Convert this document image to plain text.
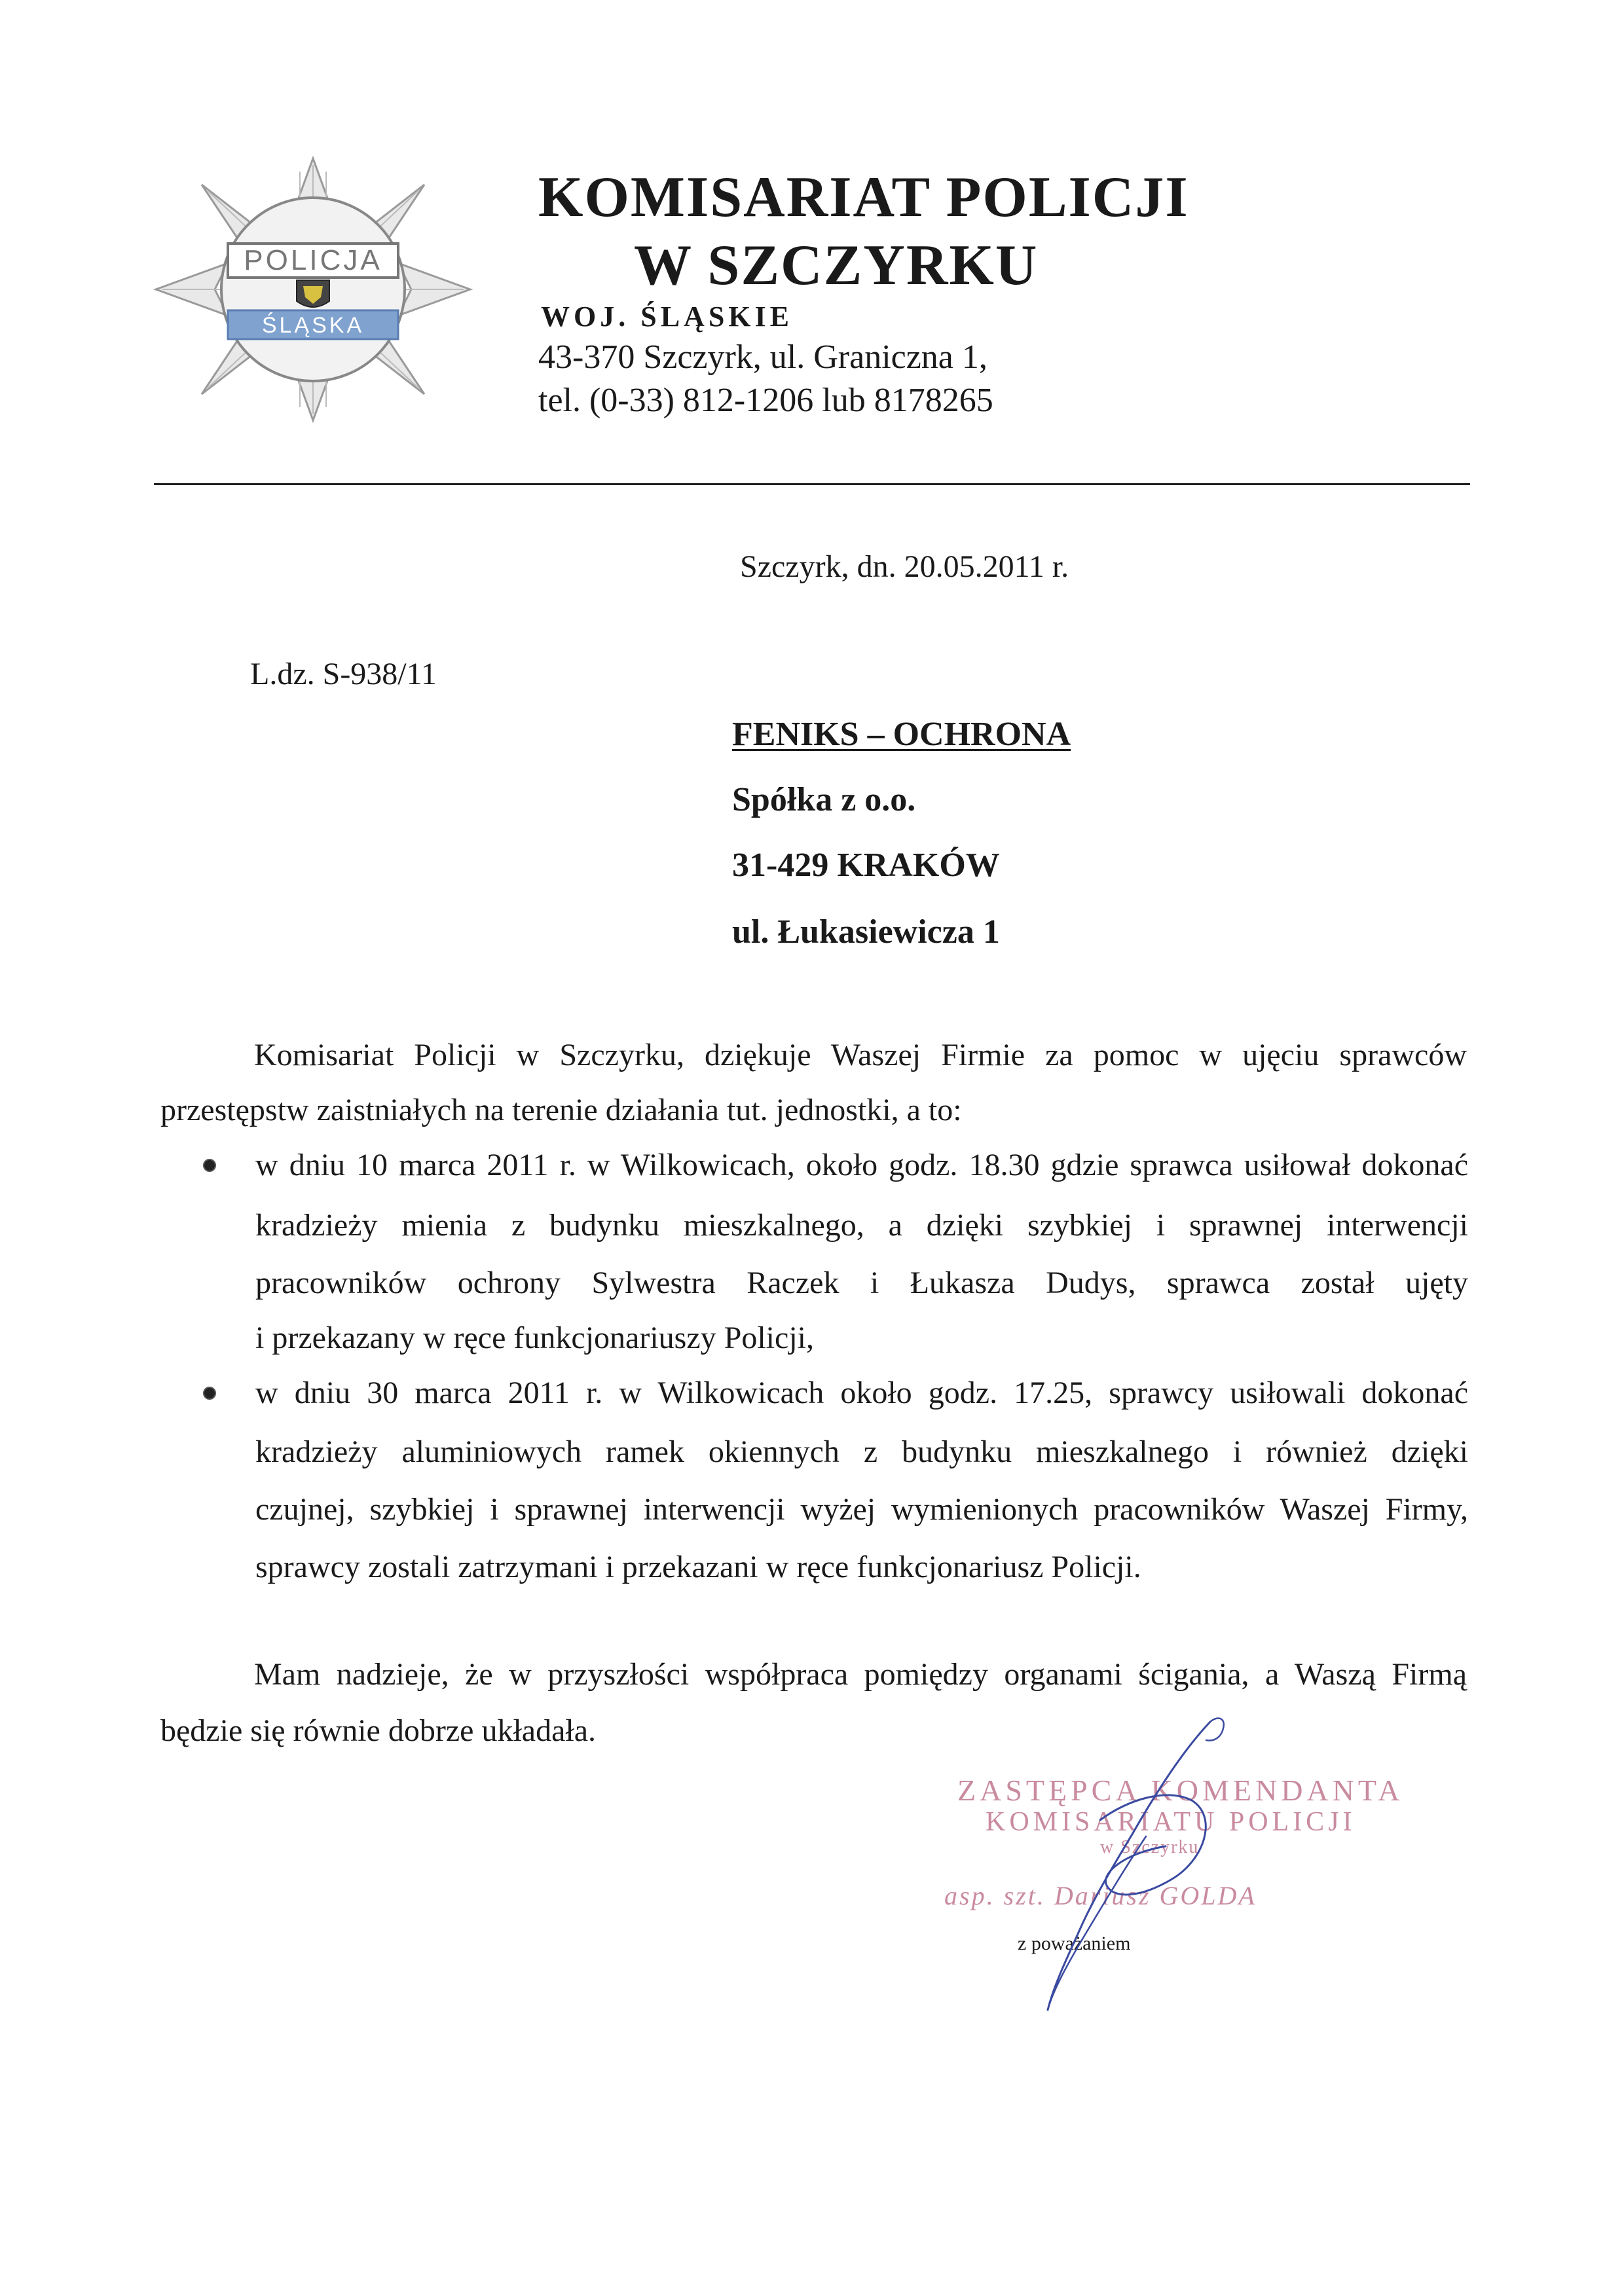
POLICJA
ŚLĄSKA
KOMISARIAT POLICJI
W SZCZYRKU
WOJ. ŚLĄSKIE
43-370 Szczyrk, ul. Graniczna 1,
tel. (0-33) 812-1206 lub 8178265
Szczyrk, dn. 20.05.2011 r.
L.dz. S-938/11
FENIKS – OCHRONA
Spółka z o.o.
31-429 KRAKÓW
ul. Łukasiewicza 1
Komisariat Policji w Szczyrku, dziękuje Waszej Firmie za pomoc w ujęciu sprawców
przestępstw zaistniałych na terenie działania tut. jednostki, a to:
w dniu 10 marca 2011 r. w Wilkowicach, około godz. 18.30 gdzie sprawca usiłował dokonać
kradzieży mienia z budynku mieszkalnego, a dzięki szybkiej i sprawnej interwencji
pracowników ochrony Sylwestra Raczek i Łukasza Dudys, sprawca został ujęty
i przekazany w ręce funkcjonariuszy Policji,
w dniu 30 marca 2011 r. w Wilkowicach około godz. 17.25, sprawcy usiłowali dokonać
kradzieży aluminiowych ramek okiennych z budynku mieszkalnego i również dzięki
czujnej, szybkiej i sprawnej interwencji wyżej wymienionych pracowników Waszej Firmy,
sprawcy zostali zatrzymani i przekazani w ręce funkcjonariusz Policji.
Mam nadzieje, że w przyszłości współpraca pomiędzy organami ścigania, a Waszą Firmą
będzie się równie dobrze układała.
ZASTĘPCA KOMENDANTA
KOMISARIATU POLICJI
w Szczyrku
asp. szt. Dariusz GOLDA
z poważaniem
